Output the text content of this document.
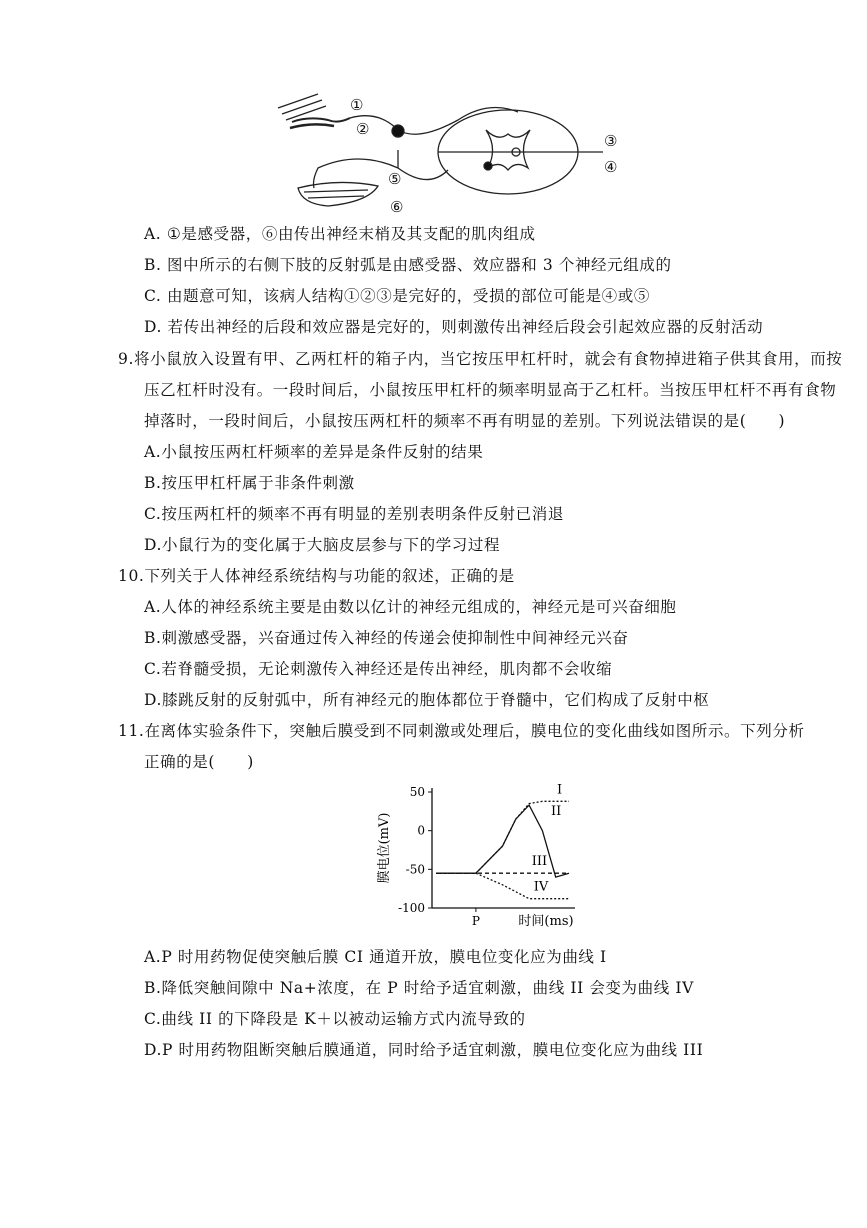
①
②
③
④
⑤
⑥
A. ①是感受器，⑥由传出神经末梢及其支配的肌肉组成
B. 图中所示的右侧下肢的反射弧是由感受器、效应器和 3 个神经元组成的
C. 由题意可知，该病人结构①②③是完好的，受损的部位可能是④或⑤
D. 若传出神经的后段和效应器是完好的，则刺激传出神经后段会引起效应器的反射活动
9.将小鼠放入设置有甲、乙两杠杆的箱子内，当它按压甲杠杆时，就会有食物掉进箱子供其食用，而按
压乙杠杆时没有。一段时间后，小鼠按压甲杠杆的频率明显高于乙杠杆。当按压甲杠杆不再有食物
掉落时，一段时间后，小鼠按压两杠杆的频率不再有明显的差别。下列说法错误的是(　　)
A.小鼠按压两杠杆频率的差异是条件反射的结果
B.按压甲杠杆属于非条件刺激
C.按压两杠杆的频率不再有明显的差别表明条件反射已消退
D.小鼠行为的变化属于大脑皮层参与下的学习过程
10.下列关于人体神经系统结构与功能的叙述，正确的是
A.人体的神经系统主要是由数以亿计的神经元组成的，神经元是可兴奋细胞
B.刺激感受器，兴奋通过传入神经的传递会使抑制性中间神经元兴奋
C.若脊髓受损，无论刺激传入神经还是传出神经，肌肉都不会收缩
D.膝跳反射的反射弧中，所有神经元的胞体都位于脊髓中，它们构成了反射中枢
11.在离体实验条件下，突触后膜受到不同刺激或处理后，膜电位的变化曲线如图所示。下列分析
正确的是(　　)
膜电位(mV)
时间(ms)
50
0
-50
-100
P
I
II
III
IV
A.P 时用药物促使突触后膜 CI 通道开放，膜电位变化应为曲线 I
B.降低突触间隙中 Na+浓度，在 P 时给予适宜刺激，曲线 II 会变为曲线 IV
C.曲线 II 的下降段是 K＋以被动运输方式内流导致的
D.P 时用药物阻断突触后膜通道，同时给予适宜刺激，膜电位变化应为曲线 III
